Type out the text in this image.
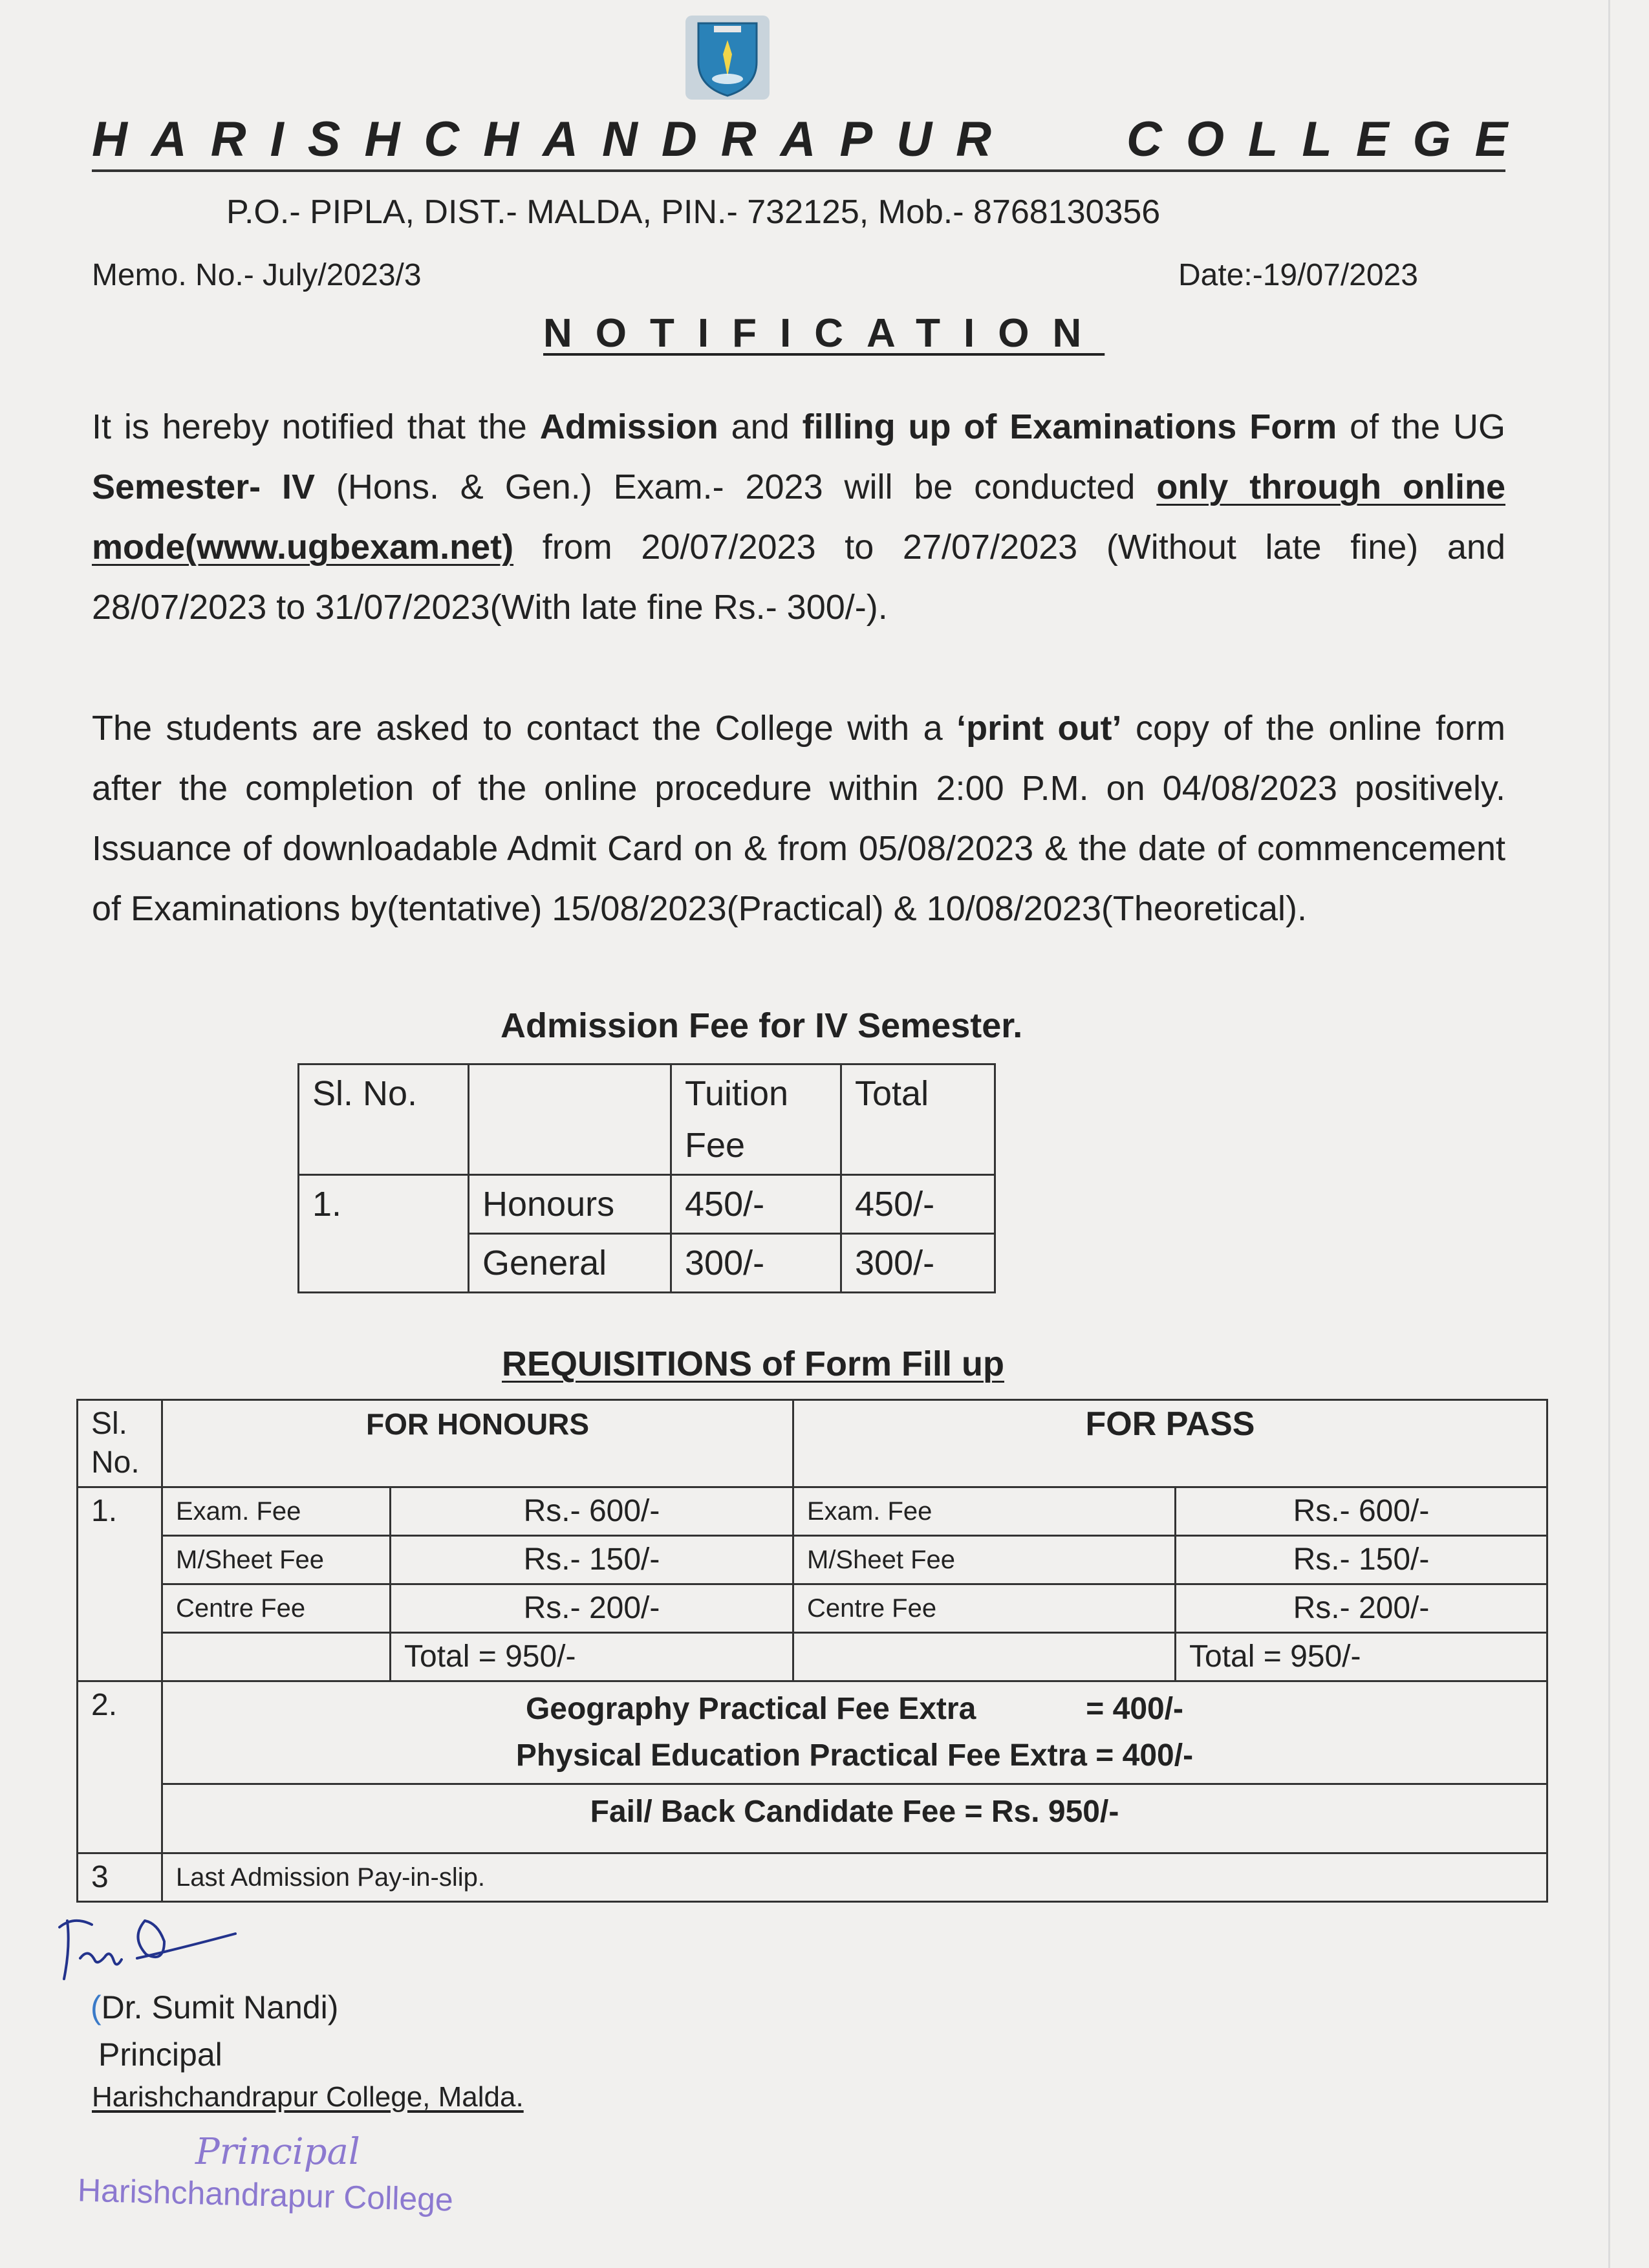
HARISHCHANDRAPUR COLLEGE
P.O.- PIPLA, DIST.- MALDA, PIN.- 732125, Mob.- 8768130356
Memo. No.- July/2023/3	Date:-19/07/2023
NOTIFICATION
It is hereby notified that the Admission and filling up of Examinations Form of the UG Semester- IV (Hons. & Gen.) Exam.- 2023 will be conducted only through online mode(www.ugbexam.net) from 20/07/2023 to 27/07/2023 (Without late fine) and 28/07/2023 to 31/07/2023(With late fine Rs.- 300/-).
The students are asked to contact the College with a ‘print out’ copy of the online form after the completion of the online procedure within 2:00 P.M. on 04/08/2023 positively. Issuance of downloadable Admit Card on & from 05/08/2023 & the date of commencement of Examinations by(tentative) 15/08/2023(Practical) & 10/08/2023(Theoretical).
Admission Fee for IV Semester.
Sl. No.		Tuition Fee	Total
1.	Honours	450/-	450/-
	General	300/-	300/-
REQUISITIONS of Form Fill up
Sl. No.	FOR HONOURS		FOR PASS	
1.	Exam. Fee	Rs.- 600/-	Exam. Fee	Rs.- 600/-
	M/Sheet Fee	Rs.- 150/-	M/Sheet Fee	Rs.- 150/-
	Centre Fee	Rs.- 200/-	Centre Fee	Rs.- 200/-
		Total = 950/-		Total = 950/-
2.	Geography Practical Fee Extra = 400/-
Physical Education Practical Fee Extra = 400/-			
	Fail/ Back Candidate Fee = Rs. 950/-			
3	Last Admission Pay-in-slip.			
(Dr. Sumit Nandi)
Principal
Harishchandrapur College, Malda.
Principal
Harishchandrapur College
